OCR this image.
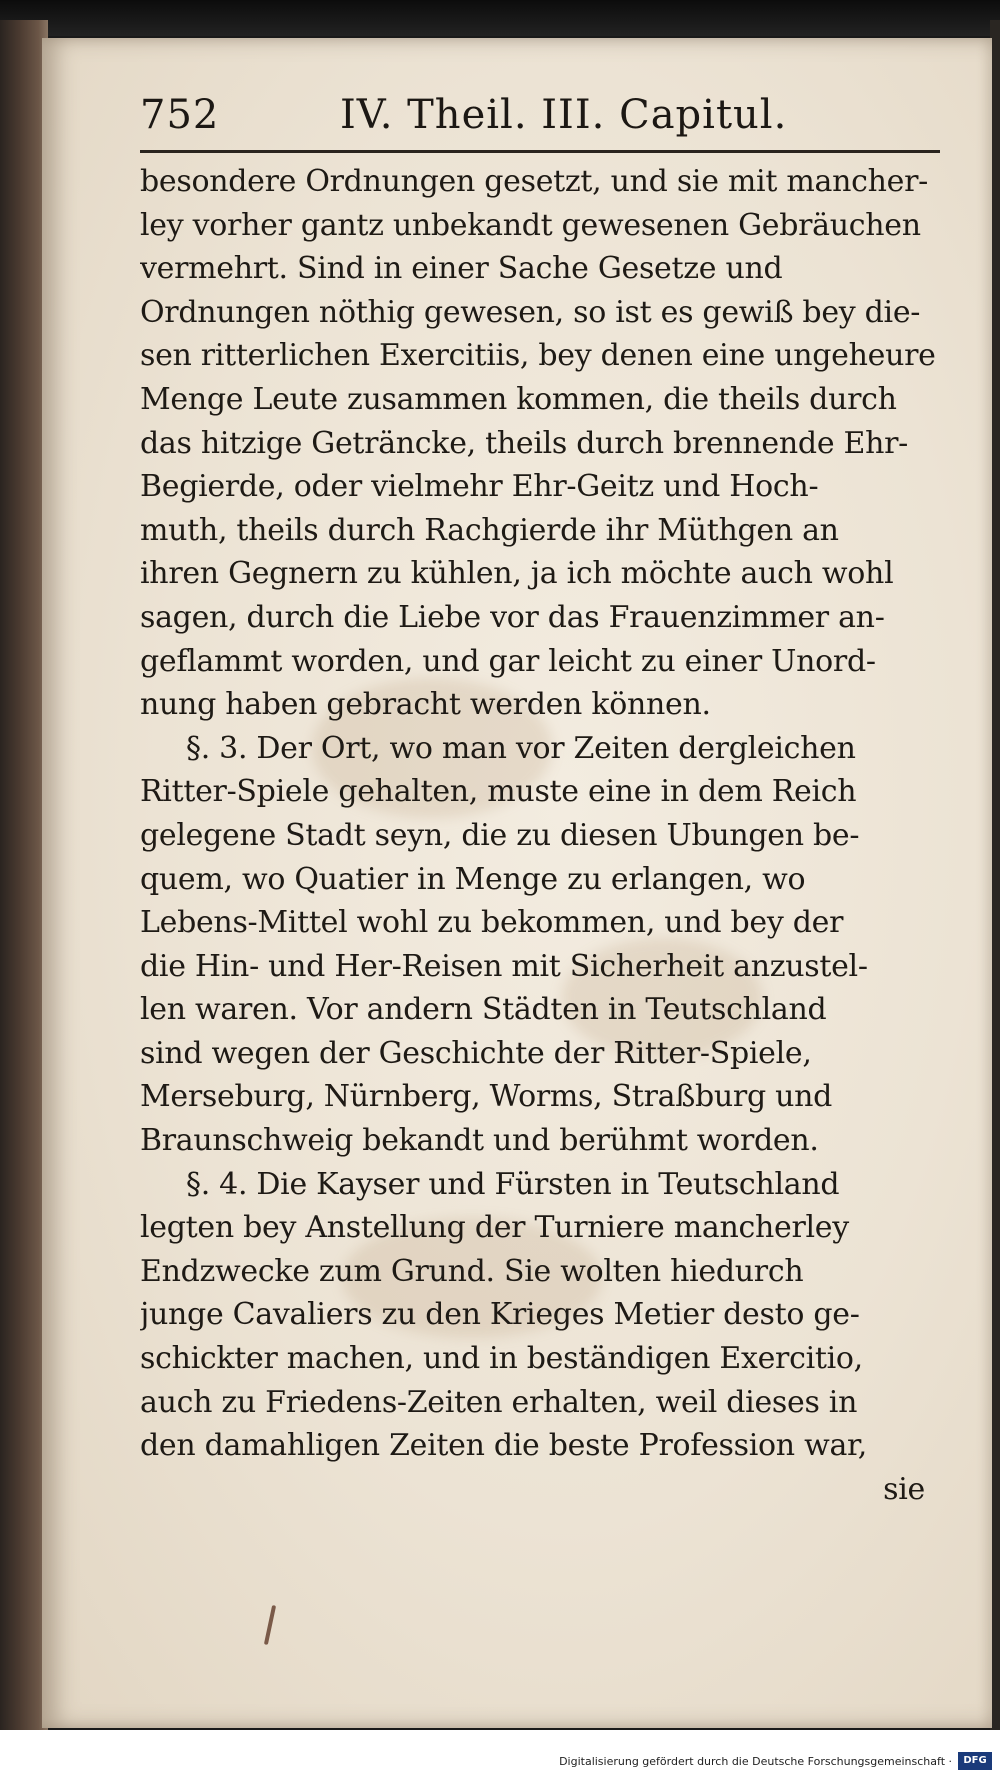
752	IV. Theil. III. Capitul.
besondere Ordnungen gesetzt, und sie mit mancher-
ley vorher gantz unbekandt gewesenen Gebräuchen
vermehrt. Sind in einer Sache Gesetze und
Ordnungen nöthig gewesen, so ist es gewiß bey die-
sen ritterlichen Exercitiis, bey denen eine ungeheure
Menge Leute zusammen kommen, die theils durch
das hitzige Geträncke, theils durch brennende Ehr-
Begierde, oder vielmehr Ehr-Geitz und Hoch-
muth, theils durch Rachgierde ihr Müthgen an
ihren Gegnern zu kühlen, ja ich möchte auch wohl
sagen, durch die Liebe vor das Frauenzimmer an-
geflammt worden, und gar leicht zu einer Unord-
nung haben gebracht werden können.
§. 3. Der Ort, wo man vor Zeiten dergleichen
Ritter-Spiele gehalten, muste eine in dem Reich
gelegene Stadt seyn, die zu diesen Ubungen be-
quem, wo Quatier in Menge zu erlangen, wo
Lebens-Mittel wohl zu bekommen, und bey der
die Hin- und Her-Reisen mit Sicherheit anzustel-
len waren. Vor andern Städten in Teutschland
sind wegen der Geschichte der Ritter-Spiele,
Merseburg, Nürnberg, Worms, Straßburg und
Braunschweig bekandt und berühmt worden.
§. 4. Die Kayser und Fürsten in Teutschland
legten bey Anstellung der Turniere mancherley
Endzwecke zum Grund. Sie wolten hiedurch
junge Cavaliers zu den Krieges Metier desto ge-
schickter machen, und in beständigen Exercitio,
auch zu Friedens-Zeiten erhalten, weil dieses in
den damahligen Zeiten die beste Profession war,
sie
Digitalisierung gefördert durch die Deutsche Forschungsgemeinschaft ·	DFG
